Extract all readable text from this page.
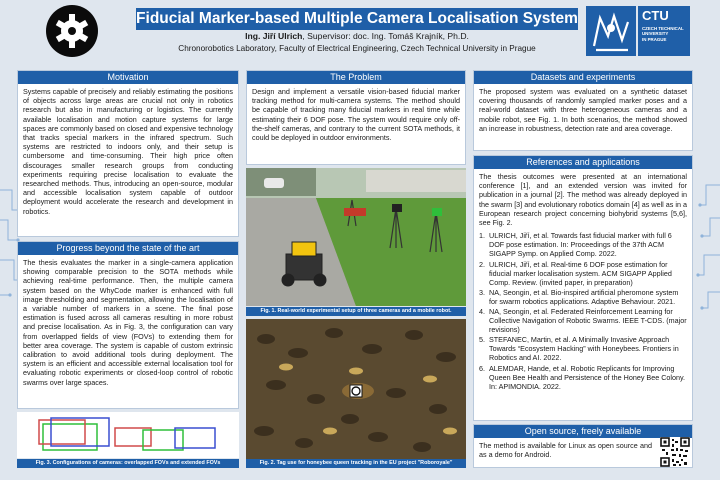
Fiducial Marker-based Multiple Camera Localisation System
Ing. Jiří Ulrich, Supervisor: doc. Ing. Tomáš Krajník, Ph.D.
Chronorobotics Laboratory, Faculty of Electrical Engineering, Czech Technical University in Prague
CTU
CZECH TECHNICAL
UNIVERSITY
IN PRAGUE
Motivation
Systems capable of precisely and reliably estimating the positions of objects across large areas are crucial not only in robotics research but also in manufacturing or logistics. The currently available localisation and motion capture systems for large spaces are commonly based on closed and expensive technology that tracks special markers in the infrared spectrum. Such systems are restricted to indoors only, and their setup is cumbersome and time-consuming. Their high price often discourages smaller research groups from conducting experiments requiring precise localisation to evaluate the researched methods. Thus, introducing an open-source, modular and accessible localisation system capable of outdoor deployment would accelerate the research and development in robotics.
Progress beyond the state of the art
The thesis evaluates the marker in a single-camera application showing comparable precision to the SOTA methods while achieving real-time performance. Then, the multiple camera system based on the WhyCode marker is enhanced with full image thresholding and segmentation, allowing the localisation of a variable number of markers in a scene. The final pose estimation is fused across all cameras resulting in more robust and precise localisation. As in Fig. 3, the configuration can vary from overlapped fields of view (FOVs) to extending them for better area coverage. The system is capable of custom extrinsic calibration to avoid additional tools during deployment. The system is an efficient and accessible external localisation tool for evaluating robotic experiments or closed-loop control of robotic swarms over large spaces.
Fig. 3. Configurations of cameras: overlapped FOVs and extended FOVs
The Problem
Design and implement a versatile vision-based fiducial marker tracking method for multi-camera systems. The method should be capable of tracking many fiducial markers in real time while estimating their 6 DOF pose. The system would require only off-the-shelf cameras, and contrary to the current SOTA methods, it could be deployed in outdoor environments.
Fig. 1. Real-world experimental setup of three cameras and a mobile robot.
Fig. 2. Tag use for honeybee queen tracking in the EU project "Roboroyale"
Datasets and experiments
The proposed system was evaluated on a synthetic dataset covering thousands of randomly sampled marker poses and a real-world dataset with three heterogeneous cameras and a mobile robot, see Fig. 1. In both scenarios, the method showed an increase in robustness, detection rate and area coverage.
References and applications
The thesis outcomes were presented at an international conference [1], and an extended version was invited for publication in a journal [2]. The method was already deployed in the swarm [3] and evolutionary robotics domain [4] as well as in a European research project concerning biohybrid systems [5,6], see Fig. 2.
1. ULRICH, Jiří, et al. Towards fast fiducial marker with full 6 DOF pose estimation. In: Proceedings of the 37th ACM SIGAPP Symp. on Applied Comp. 2022.
2. ULRICH, Jiří, et al. Real-time 6 DOF pose estimation for fiducial marker localisation system. ACM SIGAPP Applied Comp. Review. (invited paper, in preparation)
3. NA, Seongin, et al. Bio-inspired artificial pheromone system for swarm robotics applications. Adaptive Behaviour. 2021.
4. NA, Seongin, et al. Federated Reinforcement Learning for Collective Navigation of Robotic Swarms. IEEE T-CDS. (major revisions)
5. STEFANEC, Martin, et al. A Minimally Invasive Approach Towards “Ecosystem Hacking” with Honeybees. Frontiers in Robotics and AI. 2022.
6. ALEMDAR, Hande, et al. Robotic Replicants for Improving Queen Bee Health and Persistence of the Honey Bee Colony. In: APIMONDIA. 2022.
Open source, freely available
The method is available for Linux as open source and as a demo for Android.
